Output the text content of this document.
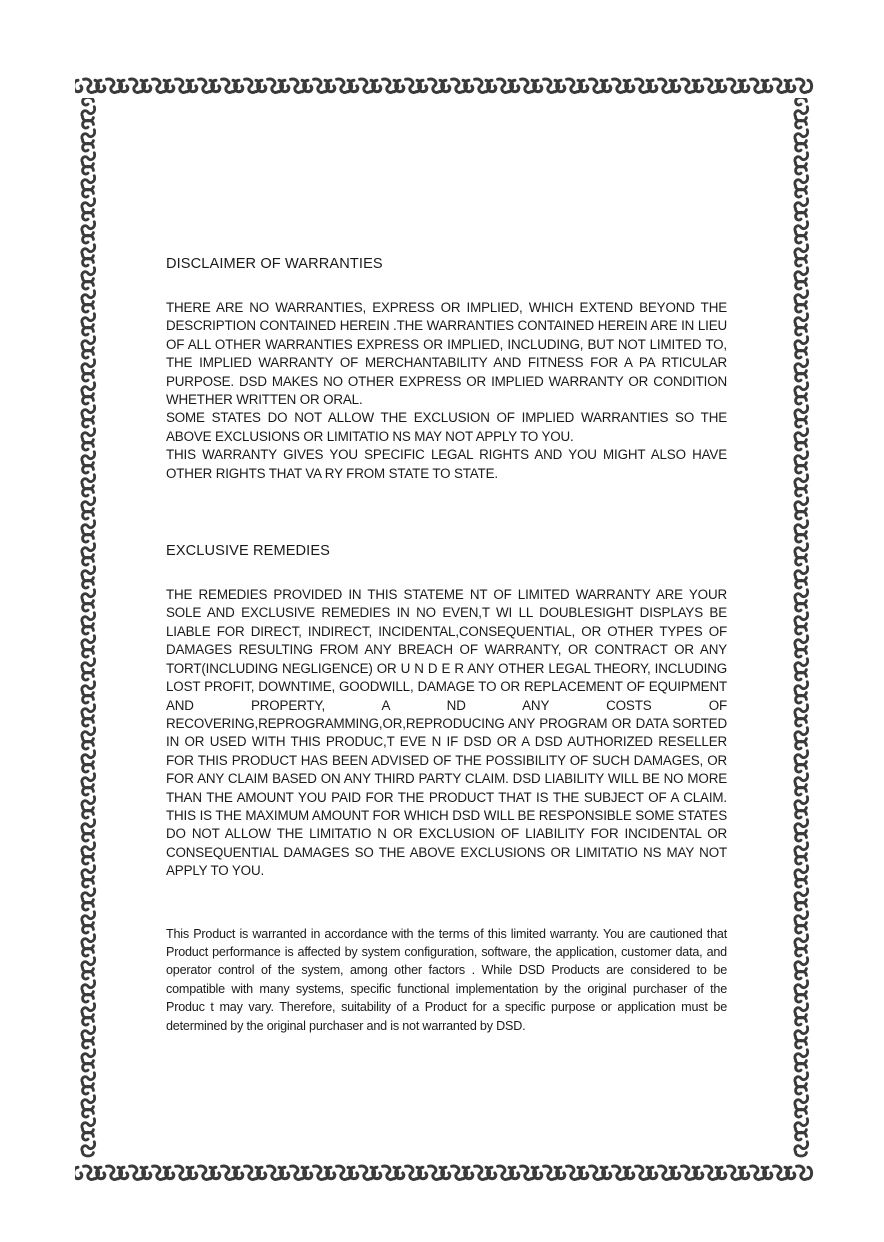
DISCLAIMER OF WARRANTIES

THERE ARE NO WARRANTIES, EXPRESS OR IMPLIED, WHICH EXTEND BEYOND THE DESCRIPTION CONTAINED HEREIN .THE WARRANTIES CONTAINED HEREIN ARE IN LIEU OF ALL OTHER WARRANTIES EXPRESS OR IMPLIED, INCLUDING, BUT NOT LIMITED TO, THE IMPLIED WARRANTY OF MERCHANTABILITY AND FITNESS FOR A PA RTICULAR PURPOSE. DSD MAKES NO OTHER EXPRESS OR IMPLIED WARRANTY OR CONDITION WHETHER WRITTEN OR ORAL.

SOME STATES DO NOT ALLOW THE EXCLUSION OF IMPLIED WARRANTIES SO THE ABOVE EXCLUSIONS OR LIMITATIO NS MAY NOT APPLY TO YOU.

THIS WARRANTY GIVES YOU SPECIFIC LEGAL RIGHTS AND YOU MIGHT ALSO HAVE OTHER RIGHTS THAT VA RY FROM STATE TO STATE.

EXCLUSIVE REMEDIES

THE REMEDIES PROVIDED IN THIS STATEME NT OF LIMITED WARRANTY ARE YOUR SOLE AND EXCLUSIVE REMEDIES IN NO EVEN,T WI LL DOUBLESIGHT DISPLAYS BE LIABLE FOR DIRECT, INDIRECT, INCIDENTAL,CONSEQUENTIAL, OR OTHER TYPES OF DAMAGES RESULTING FROM ANY BREACH OF WARRANTY, OR CONTRACT OR ANY TORT(INCLUDING NEGLIGENCE) OR U N D E R ANY OTHER LEGAL THEORY, INCLUDING LOST PROFIT, DOWNTIME, GOODWILL, DAMAGE TO OR REPLACEMENT OF EQUIPMENT AND PROPERTY, A ND ANY COSTS OF RECOVERING,REPROGRAMMING,OR,REPRODUCING ANY PROGRAM OR DATA SORTED IN OR USED WITH THIS PRODUC,T EVE N IF DSD OR A DSD AUTHORIZED RESELLER FOR THIS PRODUCT HAS BEEN ADVISED OF THE POSSIBILITY OF SUCH DAMAGES, OR FOR ANY CLAIM BASED ON ANY THIRD PARTY CLAIM. DSD LIABILITY WILL BE NO MORE THAN THE AMOUNT YOU PAID FOR THE PRODUCT THAT IS THE SUBJECT OF A CLAIM. THIS IS THE MAXIMUM AMOUNT FOR WHICH DSD WILL BE RESPONSIBLE SOME STATES DO NOT ALLOW THE LIMITATIO N OR EXCLUSION OF LIABILITY FOR INCIDENTAL OR CONSEQUENTIAL DAMAGES SO THE ABOVE EXCLUSIONS OR LIMITATIO NS MAY NOT APPLY TO YOU.

This Product is warranted in accordance with the terms of this limited warranty. You are cautioned that Product performance is affected by system configuration, software, the application, customer data, and operator control of the system, among other factors . While DSD Products are considered to be compatible with many systems, specific functional implementation by the original purchaser of the Produc t may vary. Therefore, suitability of a Product for a specific purpose or application must be determined by the original purchaser and is not warranted by DSD.
